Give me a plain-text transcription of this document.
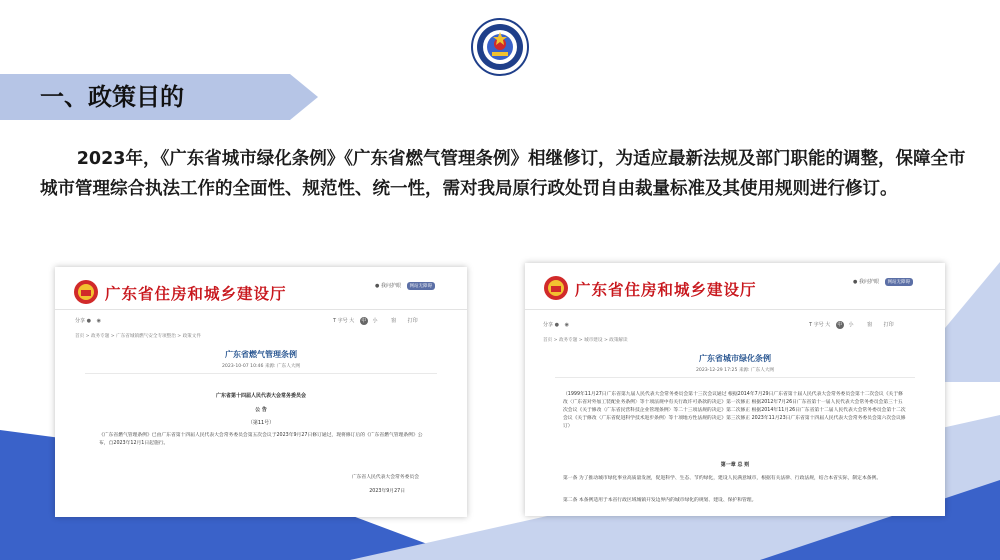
一、政策目的
2023年，《广东省城市绿化条例》《广东省燃气管理条例》相继修订，为适应最新法规及部门职能的调整，保障全市城市管理综合执法工作的全面性、规范性、统一性，需对我局原行政处罚自由裁量标准及其使用规则进行修订。
广东省住房和城乡建设厅	● 我问护眼 网站无障碍
分享 ● ◉	T 字号 大 中 小	窗 打印
首页 > 政务专题 > 广东省城镇燃气安全专项整治 > 政策文件
广东省燃气管理条例
2023-10-07 10:46 来源: 广东人大网
广东省第十四届人民代表大会常务委员会
公 告
（第11号）
《广东省燃气管理条例》已由广东省第十四届人民代表大会常务委员会第五次会议于2023年9月27日修订通过，现将修订后的《广东省燃气管理条例》公布，自2023年12月1日起施行。
广东省人民代表大会常务委员会
2023年9月27日
广东省住房和城乡建设厅	● 我问护眼 网站无障碍
分享 ● ◉	T 字号 大 中 小	窗 打印
首页 > 政务专题 > 城市建设 > 政策解读
广东省城市绿化条例
2023-12-29 17:25 来源: 广东人大网
（1999年11月27日广东省第九届人民代表大会常务委员会第十三次会议通过 根据2014年7月29日广东省第十届人民代表大会常务委员会第十二次会议《关于修改〈广东省对外加工装配业务条例〉等十项法规中有关行政许可条款的决定》第一次修正 根据2012年7月26日广东省第十一届人民代表大会常务委员会第三十五次会议《关于修改〈广东省民营科技企业管理条例〉等二十三项法规的决定》第二次修正 根据2014年11月26日广东省第十二届人民代表大会常务委员会第十二次会议《关于修改〈广东省促进科学技术进步条例〉等十项地方性法规的决定》第三次修正 2023年11月23日广东省第十四届人民代表大会常务委员会第六次会议修订）
第一章 总 则
第一条 为了推动城市绿化事业高质量发展，促进科学、生态、节约绿化，建设人民满意城市，根据有关法律、行政法规，结合本省实际，制定本条例。
第二条 本条例适用于本省行政区域城镇开发边界内的城市绿化的规划、建设、保护和管理。
